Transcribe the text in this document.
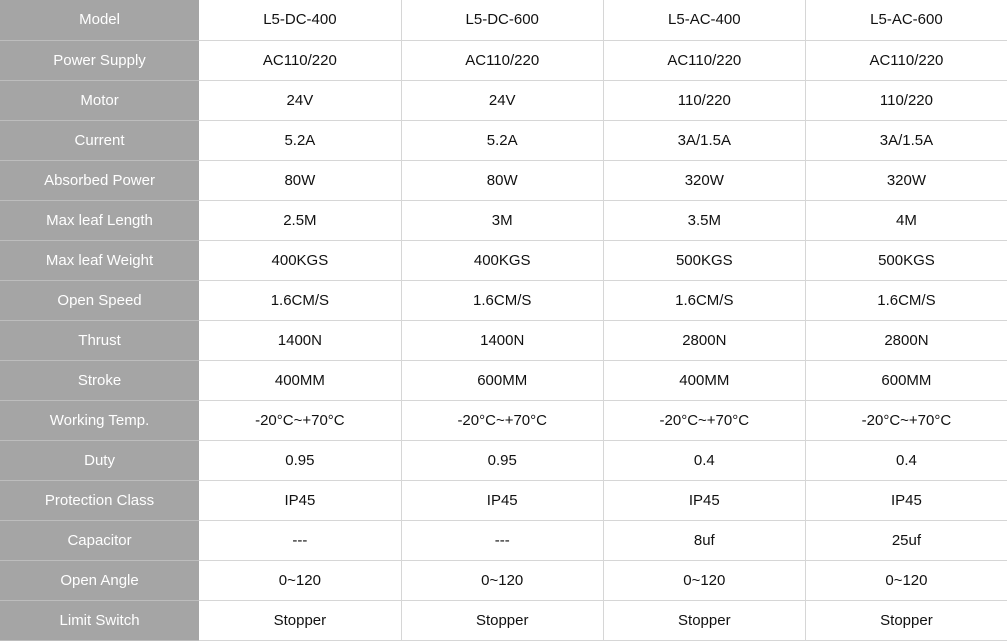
Model	L5-DC-400	L5-DC-600	L5-AC-400	L5-AC-600
Power Supply	AC110/220	AC110/220	AC110/220	AC110/220
Motor	24V	24V	110/220	110/220
Current	5.2A	5.2A	3A/1.5A	3A/1.5A
Absorbed Power	80W	80W	320W	320W
Max leaf Length	2.5M	3M	3.5M	4M
Max leaf Weight	400KGS	400KGS	500KGS	500KGS
Open Speed	1.6CM/S	1.6CM/S	1.6CM/S	1.6CM/S
Thrust	1400N	1400N	2800N	2800N
Stroke	400MM	600MM	400MM	600MM
Working Temp.	-20°C~+70°C	-20°C~+70°C	-20°C~+70°C	-20°C~+70°C
Duty	0.95	0.95	0.4	0.4
Protection Class	IP45	IP45	IP45	IP45
Capacitor	---	---	8uf	25uf
Open Angle	0~120	0~120	0~120	0~120
Limit Switch	Stopper	Stopper	Stopper	Stopper
